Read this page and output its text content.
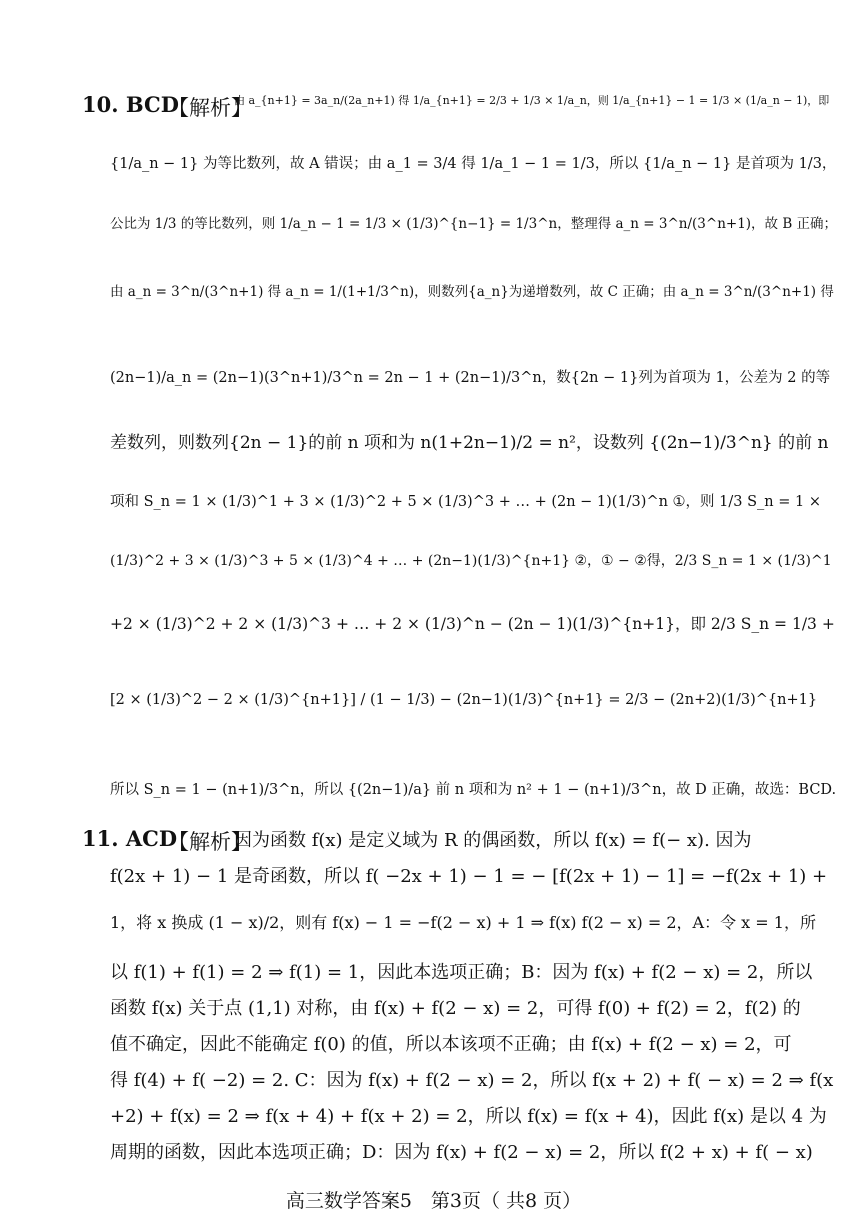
10. BCD
【解析】
由 a_{n+1} = 3a_n/(2a_n+1) 得 1/a_{n+1} = 2/3 + 1/3 × 1/a_n，则 1/a_{n+1} − 1 = 1/3 × (1/a_n − 1)，即
{1/a_n − 1} 为等比数列，故 A 错误；由 a_1 = 3/4 得 1/a_1 − 1 = 1/3，所以 {1/a_n − 1} 是首项为 1/3，
公比为 1/3 的等比数列，则 1/a_n − 1 = 1/3 × (1/3)^{n−1} = 1/3^n，整理得 a_n = 3^n/(3^n+1)，故 B 正确；
由 a_n = 3^n/(3^n+1) 得 a_n = 1/(1+1/3^n)，则数列{a_n}为递增数列，故 C 正确；由 a_n = 3^n/(3^n+1) 得
(2n−1)/a_n = (2n−1)(3^n+1)/3^n = 2n − 1 + (2n−1)/3^n，数{2n − 1}列为首项为 1，公差为 2 的等
差数列，则数列{2n − 1}的前 n 项和为 n(1+2n−1)/2 = n²，设数列 {(2n−1)/3^n} 的前 n
项和 S_n = 1 × (1/3)^1 + 3 × (1/3)^2 + 5 × (1/3)^3 + … + (2n − 1)(1/3)^n ①，则 1/3 S_n = 1 ×
(1/3)^2 + 3 × (1/3)^3 + 5 × (1/3)^4 + … + (2n−1)(1/3)^{n+1} ②，① − ②得，2/3 S_n = 1 × (1/3)^1
+2 × (1/3)^2 + 2 × (1/3)^3 + … + 2 × (1/3)^n − (2n − 1)(1/3)^{n+1}，即 2/3 S_n = 1/3 +
[2 × (1/3)^2 − 2 × (1/3)^{n+1}] / (1 − 1/3) − (2n−1)(1/3)^{n+1} = 2/3 − (2n+2)(1/3)^{n+1}
所以 S_n = 1 − (n+1)/3^n，所以 {(2n−1)/a} 前 n 项和为 n² + 1 − (n+1)/3^n，故 D 正确，故选：BCD.
11. ACD
【解析】
因为函数 f(x) 是定义域为 R 的偶函数，所以 f(x) = f(− x). 因为
f(2x + 1) − 1 是奇函数，所以 f( −2x + 1) − 1 = − [f(2x + 1) − 1] = −f(2x + 1) +
1，将 x 换成 (1 − x)/2，则有 f(x) − 1 = −f(2 − x) + 1 ⇒ f(x) f(2 − x) = 2，A：令 x = 1，所
以 f(1) + f(1) = 2 ⇒ f(1) = 1，因此本选项正确；B：因为 f(x) + f(2 − x) = 2，所以
函数 f(x) 关于点 (1,1) 对称，由 f(x) + f(2 − x) = 2，可得 f(0) + f(2) = 2，f(2) 的
值不确定，因此不能确定 f(0) 的值，所以本该项不正确；由 f(x) + f(2 − x) = 2，可
得 f(4) + f( −2) = 2. C：因为 f(x) + f(2 − x) = 2，所以 f(x + 2) + f( − x) = 2 ⇒ f(x
+2) + f(x) = 2 ⇒ f(x + 4) + f(x + 2) = 2，所以 f(x) = f(x + 4)，因此 f(x) 是以 4 为
周期的函数，因此本选项正确；D：因为 f(x) + f(2 − x) = 2，所以 f(2 + x) + f( − x)
高三数学答案5　第3页（ 共8 页）
